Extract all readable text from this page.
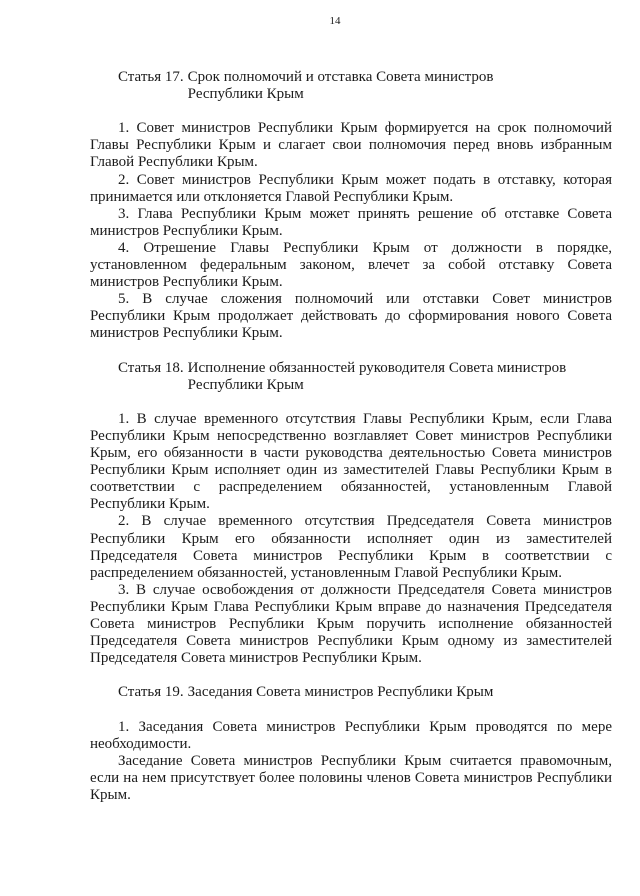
14
Статья 17. Срок полномочий и отставка Совета министров
Республики Крым

1. Совет министров Республики Крым формируется на срок полномочий Главы Республики Крым и слагает свои полномочия перед вновь избранным Главой Республики Крым.

2. Совет министров Республики Крым может подать в отставку, которая принимается или отклоняется Главой Республики Крым.

3. Глава Республики Крым может принять решение об отставке Совета министров Республики Крым.

4. Отрешение Главы Республики Крым от должности в порядке, установленном федеральным законом, влечет за собой отставку Совета министров Республики Крым.

5. В случае сложения полномочий или отставки Совет министров Республики Крым продолжает действовать до сформирования нового Совета министров Республики Крым.

Статья 18. Исполнение обязанностей руководителя Совета министров
Республики Крым

1. В случае временного отсутствия Главы Республики Крым, если Глава Республики Крым непосредственно возглавляет Совет министров Республики Крым, его обязанности в части руководства деятельностью Совета министров Республики Крым исполняет один из заместителей Главы Республики Крым в соответствии с распределением обязанностей, установленным Главой Республики Крым.

2. В случае временного отсутствия Председателя Совета министров Республики Крым его обязанности исполняет один из заместителей Председателя Совета министров Республики Крым в соответствии с распределением обязанностей, установленным Главой Республики Крым.

3. В случае освобождения от должности Председателя Совета министров Республики Крым Глава Республики Крым вправе до назначения Председателя Совета министров Республики Крым поручить исполнение обязанностей Председателя Совета министров Республики Крым одному из заместителей Председателя Совета министров Республики Крым.

Статья 19. Заседания Совета министров Республики Крым

1. Заседания Совета министров Республики Крым проводятся по мере необходимости.

Заседание Совета министров Республики Крым считается правомочным, если на нем присутствует более половины членов Совета министров Республики Крым.
